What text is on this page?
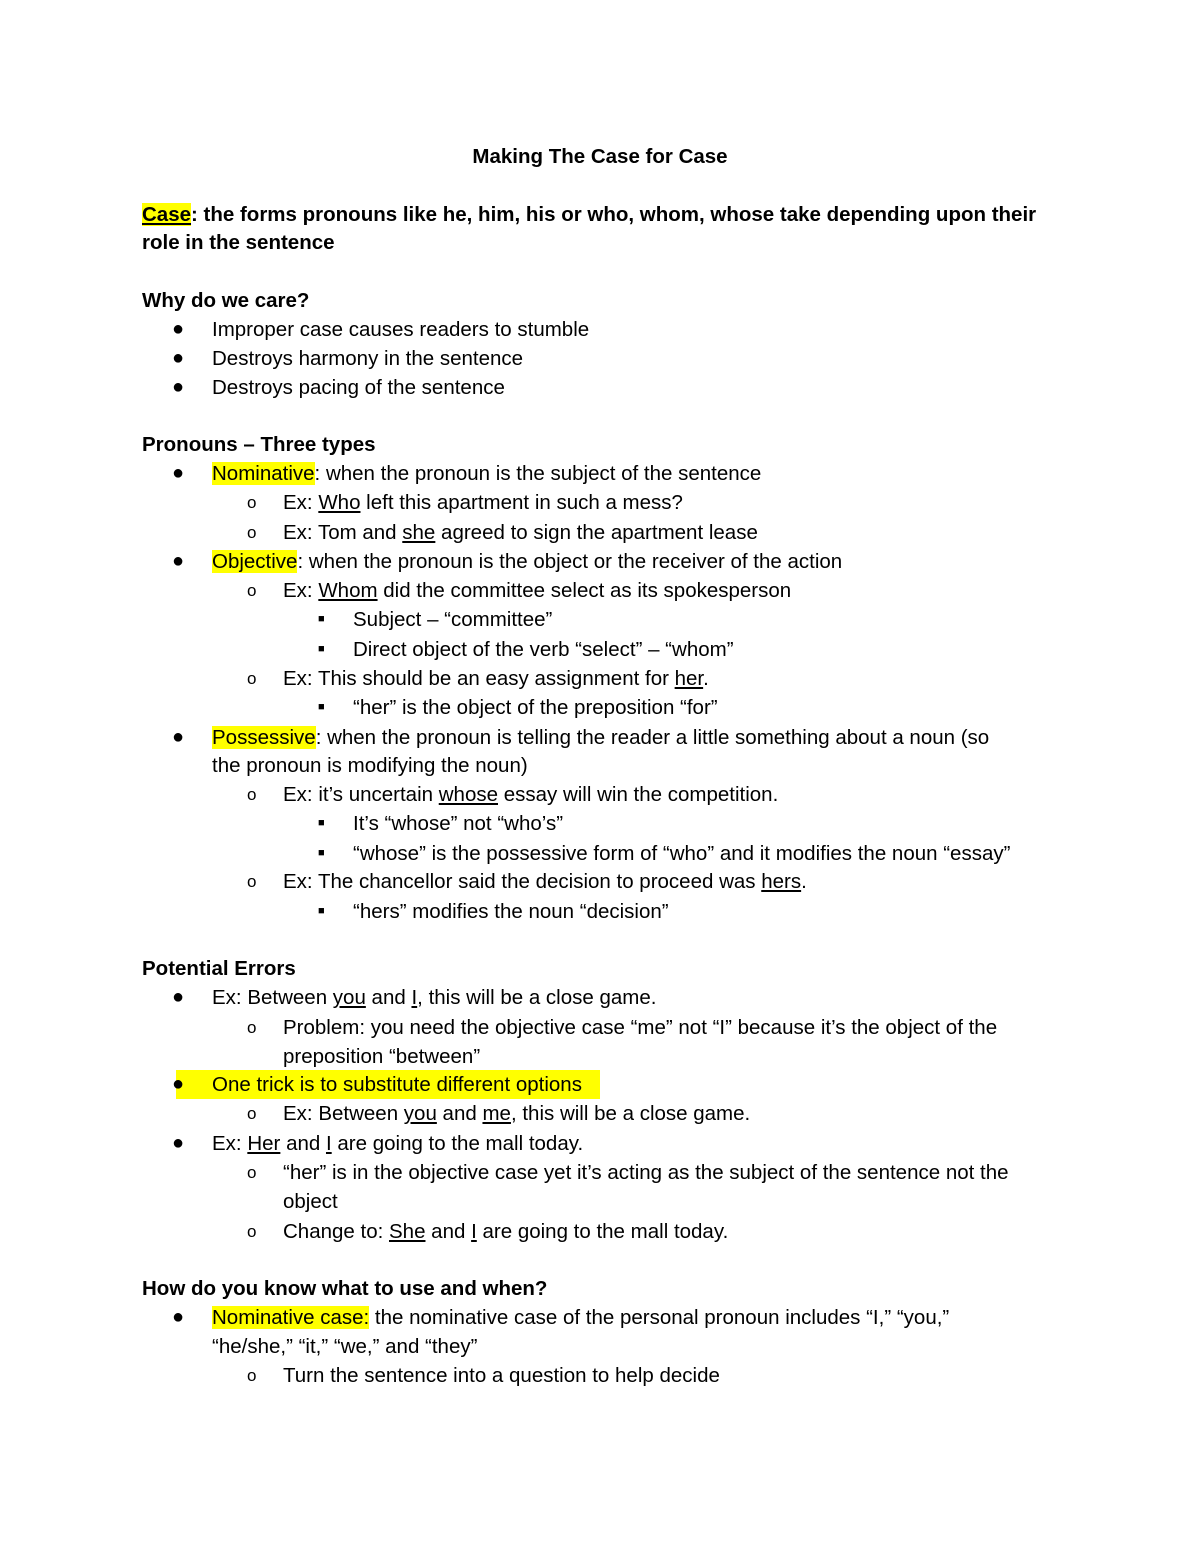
Making The Case for Case
Case: the forms pronouns like he, him, his or who, whom, whose take depending upon their
role in the sentence
Why do we care?
● Improper case causes readers to stumble
● Destroys harmony in the sentence
● Destroys pacing of the sentence
Pronouns – Three types
● Nominative: when the pronoun is the subject of the sentence
o Ex: Who left this apartment in such a mess?
o Ex: Tom and she agreed to sign the apartment lease
● Objective: when the pronoun is the object or the receiver of the action
o Ex: Whom did the committee select as its spokesperson
■ Subject – “committee”
■ Direct object of the verb “select” – “whom”
o Ex: This should be an easy assignment for her.
■ “her” is the object of the preposition “for”
● Possessive: when the pronoun is telling the reader a little something about a noun (so
the pronoun is modifying the noun)
o Ex: it’s uncertain whose essay will win the competition.
■ It’s “whose” not “who’s”
■ “whose” is the possessive form of “who” and it modifies the noun “essay”
o Ex: The chancellor said the decision to proceed was hers.
■ “hers” modifies the noun “decision”
Potential Errors
● Ex: Between you and I, this will be a close game.
o Problem: you need the objective case “me” not “I” because it’s the object of the
preposition “between”
● One trick is to substitute different options
o Ex: Between you and me, this will be a close game.
● Ex: Her and I are going to the mall today.
o “her” is in the objective case yet it’s acting as the subject of the sentence not the
object
o Change to: She and I are going to the mall today.
How do you know what to use and when?
● Nominative case: the nominative case of the personal pronoun includes “I,” “you,”
“he/she,” “it,” “we,” and “they”
o Turn the sentence into a question to help decide
